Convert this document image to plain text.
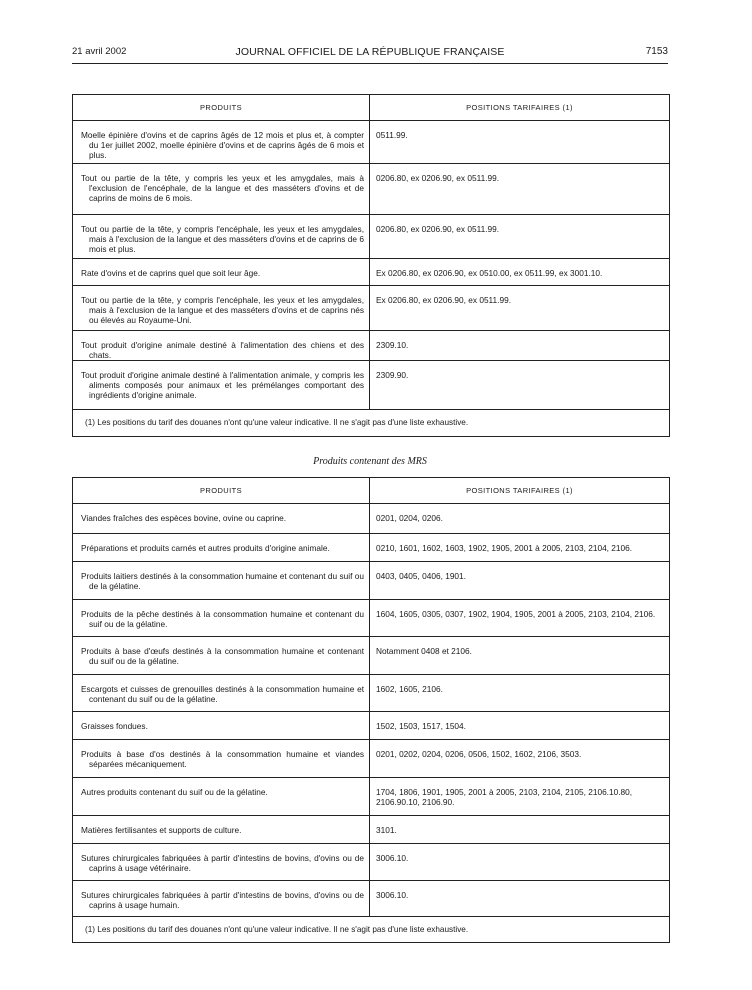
21 avril 2002	JOURNAL OFFICIEL DE LA RÉPUBLIQUE FRANÇAISE	7153
PRODUITS	POSITIONS TARIFAIRES (1)

Moelle épinière d'ovins et de caprins âgés de 12 mois et plus et, à compter du 1er juillet 2002, moelle épinière d'ovins et de caprins âgés de 6 mois et plus.	0511.99.

Tout ou partie de la tête, y compris les yeux et les amygdales, mais à l'exclusion de l'encéphale, de la langue et des masséters d'ovins et de caprins de moins de 6 mois.	0206.80, ex 0206.90, ex 0511.99.

Tout ou partie de la tête, y compris l'encéphale, les yeux et les amygdales, mais à l'exclusion de la langue et des masséters d'ovins et de caprins de 6 mois et plus.	0206.80, ex 0206.90, ex 0511.99.

Rate d'ovins et de caprins quel que soit leur âge.	Ex 0206.80, ex 0206.90, ex 0510.00, ex 0511.99, ex 3001.10.

Tout ou partie de la tête, y compris l'encéphale, les yeux et les amygdales, mais à l'exclusion de la langue et des masséters d'ovins et de caprins nés ou élevés au Royaume-Uni.	Ex 0206.80, ex 0206.90, ex 0511.99.

Tout produit d'origine animale destiné à l'alimentation des chiens et des chats.	2309.10.

Tout produit d'origine animale destiné à l'alimentation animale, y compris les aliments composés pour animaux et les prémélanges comportant des ingrédients d'origine animale.	2309.90.
(1) Les positions du tarif des douanes n'ont qu'une valeur indicative. Il ne s'agit pas d'une liste exhaustive.	
Produits contenant des MRS
PRODUITS	POSITIONS TARIFAIRES (1)

Viandes fraîches des espèces bovine, ovine ou caprine.	0201, 0204, 0206.

Préparations et produits carnés et autres produits d'origine animale.	0210, 1601, 1602, 1603, 1902, 1905, 2001 à 2005, 2103, 2104, 2106.

Produits laitiers destinés à la consommation humaine et contenant du suif ou de la gélatine.	0403, 0405, 0406, 1901.

Produits de la pêche destinés à la consommation humaine et contenant du suif ou de la gélatine.	1604, 1605, 0305, 0307, 1902, 1904, 1905, 2001 à 2005, 2103, 2104, 2106.

Produits à base d'œufs destinés à la consommation humaine et contenant du suif ou de la gélatine.	Notamment 0408 et 2106.

Escargots et cuisses de grenouilles destinés à la consommation humaine et contenant du suif ou de la gélatine.	1602, 1605, 2106.

Graisses fondues.	1502, 1503, 1517, 1504.

Produits à base d'os destinés à la consommation humaine et viandes séparées mécaniquement.	0201, 0202, 0204, 0206, 0506, 1502, 1602, 2106, 3503.

Autres produits contenant du suif ou de la gélatine.	1704, 1806, 1901, 1905, 2001 à 2005, 2103, 2104, 2105, 2106.10.80, 2106.90.10, 2106.90.

Matières fertilisantes et supports de culture.	3101.

Sutures chirurgicales fabriquées à partir d'intestins de bovins, d'ovins ou de caprins à usage vétérinaire.	3006.10.

Sutures chirurgicales fabriquées à partir d'intestins de bovins, d'ovins ou de caprins à usage humain.	3006.10.
(1) Les positions du tarif des douanes n'ont qu'une valeur indicative. Il ne s'agit pas d'une liste exhaustive.	
